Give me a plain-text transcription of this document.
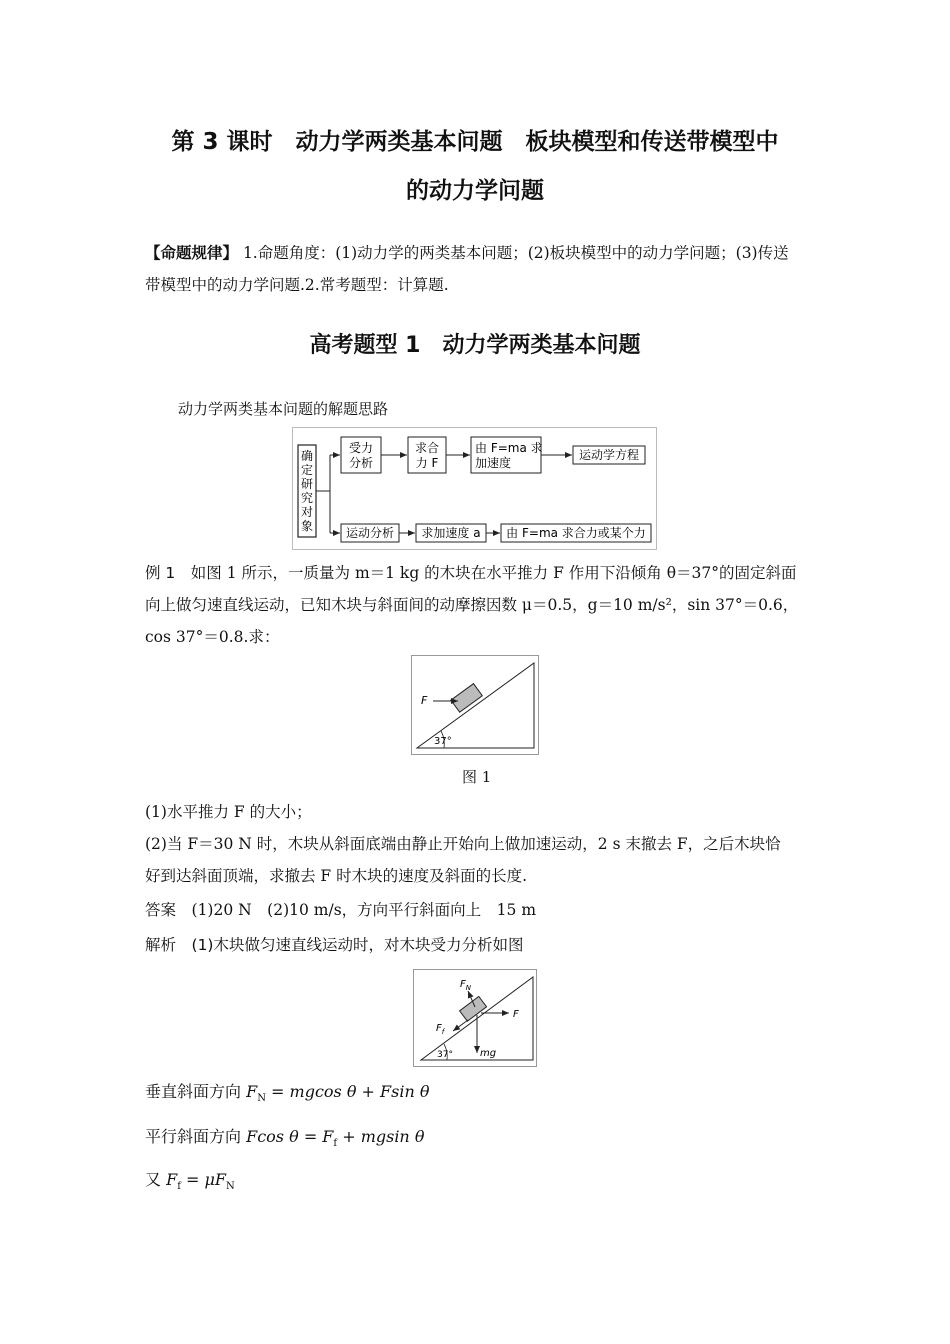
第 3 课时　动力学两类基本问题　板块模型和传送带模型中
的动力学问题
【命题规律】 1.命题角度：(1)动力学的两类基本问题；(2)板块模型中的动力学问题；(3)传送
带模型中的动力学问题.2.常考题型：计算题.
高考题型 1　动力学两类基本问题
动力学两类基本问题的解题思路
确
定
研
究
对
象
受力
分析
求合
力 F
由 F=ma 求
加速度
运动学方程
运动分析 求加速度 a 由 F=ma 求合力或某个力
例 1　如图 1 所示，一质量为 m＝1 kg 的木块在水平推力 F 作用下沿倾角 θ＝37°的固定斜面
向上做匀速直线运动，已知木块与斜面间的动摩擦因数 μ＝0.5，g＝10 m/s²，sin 37°＝0.6，
cos 37°＝0.8.求：
37°
F
图 1
(1)水平推力 F 的大小；
(2)当 F＝30 N 时，木块从斜面底端由静止开始向上做加速运动，2 s 末撤去 F，之后木块恰
好到达斜面顶端，求撤去 F 时木块的速度及斜面的长度.
答案　(1)20 N　(2)10 m/s，方向平行斜面向上　15 m
解析　(1)木块做匀速直线运动时，对木块受力分析如图
37°
$F_N$
F
$F_f$
mg
垂直斜面方向 $F_N = mgcos$ θ + Fsin θ
平行斜面方向 Fcos $\theta = F_f + mgsin$ θ
又 $F_f = \mu F_N$
